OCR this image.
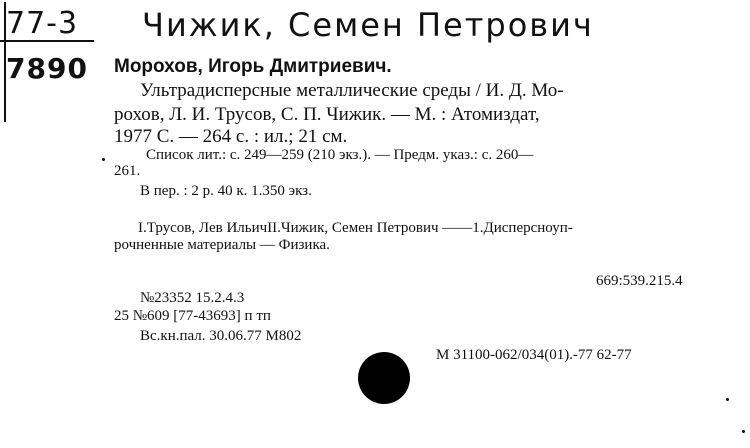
77-3 Чижик, Семен Петрович
7890 Морохов, Игорь Дмитриевич.
Ультрадисперсные металлические среды / И. Д. Мо-
рохов, Л. И. Трусов, С. П. Чижик. — М. : Атомиздат,
1977 С. — 264 с. : ил.; 21 см.
Список лит.: с. 249—259 (210 экз.). — Предм. указ.: с. 260—
261.
В пер. : 2 р. 40 к. 1.350 экз.
I.Трусов, Лев ИльичII.Чижик, Семен Петрович ——1.Дисперсноуп-
рочненные материалы — Физика.
669:539.215.4
№23352 15.2.4.3
25 №609 [77-43693] п тп
Вс.кн.пал. 30.06.77 М802
М 31100-062/034(01).-77 62-77
